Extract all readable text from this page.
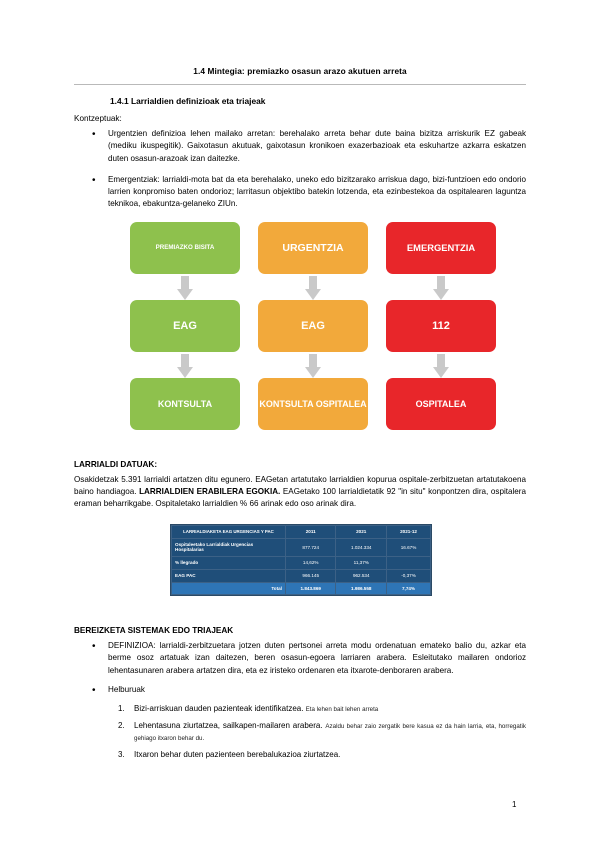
1.4 Mintegia: premiazko osasun arazo akutuen arreta
1.4.1 Larrialdien definizioak eta triajeak
Kontzeptuak:
• Urgentzien definizioa lehen mailako arretan: berehalako arreta behar dute baina bizitza arriskurik EZ gabeak (mediku ikuspegitik). Gaixotasun akutuak, gaixotasun kronikoen exazerbazioak eta eskuhartze azkarra eskatzen duten osasun-arazoak izan daitezke.
• Emergentziak: larrialdi-mota bat da eta berehalako, uneko edo bizitzarako arriskua dago, bizi-funtzioen edo ondorio larrien konpromiso baten ondorioz; larritasun objektibo batekin lotzenda, eta ezinbestekoa da ospitalearen laguntza teknikoa, ebakuntza-gelaneko ZIUn.
PREMIAZKO BISITA
EAG
KONTSULTA
URGENTZIA
EAG
KONTSULTA OSPITALEA
EMERGENTZIA
112
OSPITALEA
LARRIALDI DATUAK:
Osakidetzak 5.391 larrialdi artatzen ditu egunero. EAGetan artatutako larrialdien kopurua ospitale-zerbitzuetan artatutakoena baino handiagoa. LARRIALDIEN ERABILERA EGOKIA. EAGetako 100 larrialdietatik 92 "in situ" konpontzen dira, ospitalera eraman beharrikgabe. Ospitaletako larrialdien % 66 arinak edo oso arinak dira.
LARRIALDIAKETA EAG URGENCIAS Y PAC	2011	2021	2021-12
Ospitaleetako Larrialdiak Urgencias Hospitalarias	877.724	1.024.334	16.67%
% llegrado	14,62%	11,37%	
EAG PAC	966.145	962.534	-0,37%
Total	1.843.869	1.986.558	7,74%
BEREIZKETA SISTEMAK EDO TRIAJEAK
• DEFINIZIOA: larrialdi-zerbitzuetara jotzen duten pertsonei arreta modu ordenatuan emateko balio du, azkar eta berme osoz artatuak izan daitezen, beren osasun-egoera larriaren arabera. Esleitutako mailaren ondorioz lehentasunaren arabera artatzen dira, eta ez iristeko ordenaren eta itxarote-denboraren arabera.
• Helburuak
1. Bizi-arriskuan dauden pazienteak identifikatzea. Eta lehen bait lehen arreta
2. Lehentasuna ziurtatzea, sailkapen-mailaren arabera. Azaldu behar zaio zergatik bere kasua ez da hain larria, eta, horregatik gehiago itxaron behar du.
3. Itxaron behar duten pazienteen berebalukazioa ziurtatzea.
1
